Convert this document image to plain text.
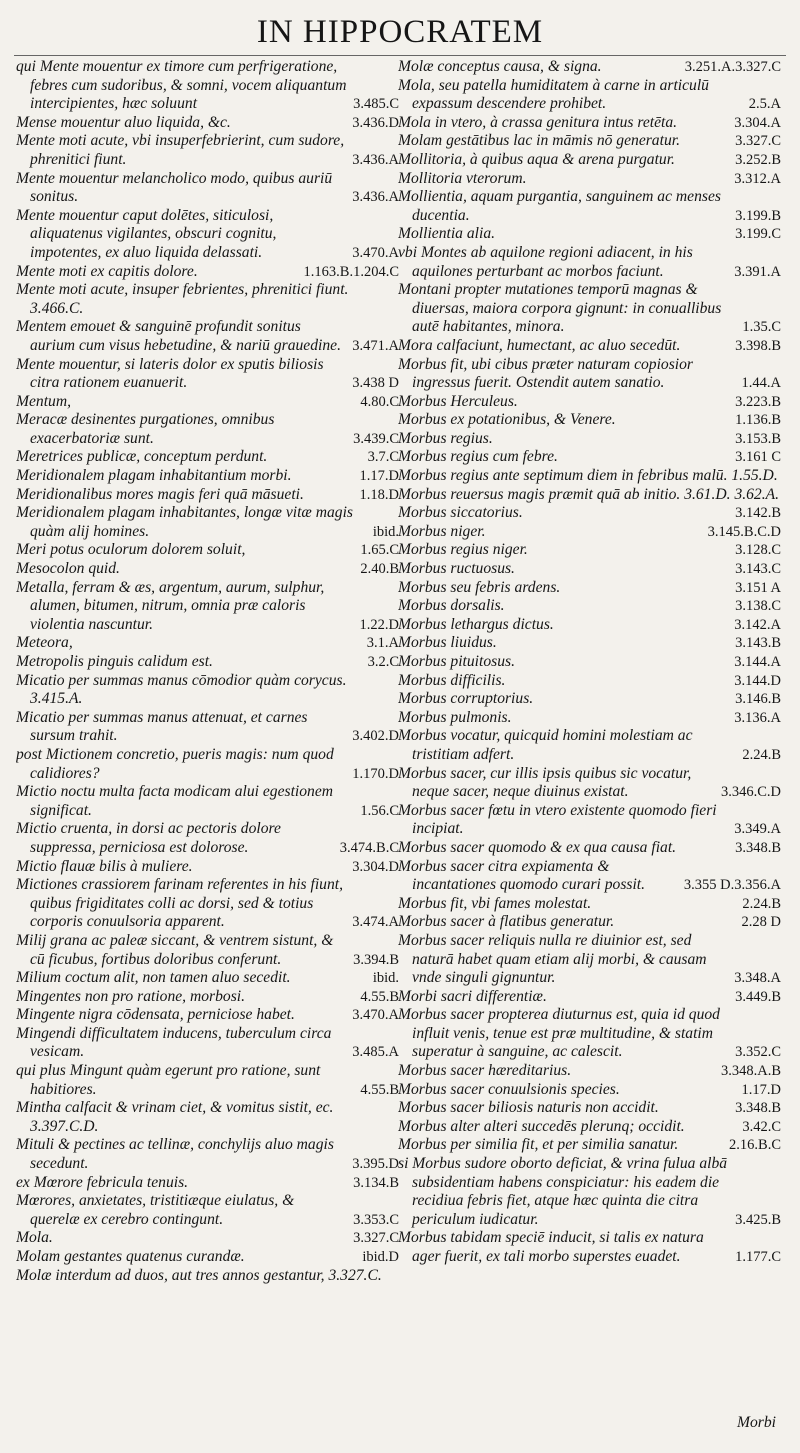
IN HIPPOCRATEM
qui Mente mouentur ex timore cum perfrigeratione, febres cum sudoribus, & somni, vocem aliquantum intercipientes, hæc soluunt	3.485.C
Mense mouentur aluo liquida, &c.	3.436.D
Mente moti acute, vbi insuperfebrierint, cum sudore, phrenitici fiunt.	3.436.A
Mente mouentur melancholico modo, quibus auriū sonitus.	3.436.A
Mente mouentur caput dolētes, siticulosi, aliquatenus vigilantes, obscuri cognitu, impotentes, ex aluo liquida delassati.	3.470.A
Mente moti ex capitis dolore.	1.163.B.1.204.C
Mente moti acute, insuper febrientes, phrenitici fiunt. 3.466.C.
Mentem emouet & sanguinē profundit sonitus aurium cum visus hebetudine, & nariū grauedine. 3.471.A
Mente mouentur, si lateris dolor ex sputis biliosis citra rationem euanuerit.	3.438 D
Mentum,	4.80.C
Meracæ desinentes purgationes, omnibus exacerbatoriæ sunt.	3.439.C
Meretrices publicæ, conceptum perdunt.	3.7.C
Meridionalem plagam inhabitantium morbi.	1.17.D
Meridionalibus mores magis feri quā māsueti.	1.18.D
Meridionalem plagam inhabitantes, longæ vitæ magis quàm alij homines.	ibid.
Meri potus oculorum dolorem soluit,	1.65.C
Mesocolon quid.	2.40.B
Metalla, ferram & æs, argentum, aurum, sulphur, alumen, bitumen, nitrum, omnia præ caloris violentia nascuntur.	1.22.D
Meteora,	3.1.A
Metropolis pinguis calidum est.	3.2.C
Micatio per summas manus cōmodior quàm corycus. 3.415.A.
Micatio per summas manus attenuat, et carnes sursum trahit.	3.402.D
post Mictionem concretio, pueris magis: num quod calidiores?	1.170.D
Mictio noctu multa facta modicam alui egestionem significat.	1.56.C
Mictio cruenta, in dorsi ac pectoris dolore suppressa, perniciosa est dolorose.	3.474.B.C
Mictio flauæ bilis à muliere.	3.304.D
Mictiones crassiorem farinam referentes in his fiunt, quibus frigiditates colli ac dorsi, sed & totius corporis conuulsoria apparent.	3.474.A
Milij grana ac paleæ siccant, & ventrem sistunt, & cū ficubus, fortibus doloribus conferunt.	3.394.B
Milium coctum alit, non tamen aluo secedit.	ibid.
Mingentes non pro ratione, morbosi.	4.55.B
Mingente nigra cōdensata, perniciose habet.	3.470.A
Mingendi difficultatem inducens, tuberculum circa vesicam.	3.485.A
qui plus Mingunt quàm egerunt pro ratione, sunt habitiores.	4.55.B
Mintha calfacit & vrinam ciet, & vomitus sistit, ec. 3.397.C.D.
Mituli & pectines ac tellinæ, conchylijs aluo magis secedunt.	3.395.D
ex Mœrore febricula tenuis.	3.134.B
Mœrores, anxietates, tristitiæque eiulatus, & querelæ ex cerebro contingunt.	3.353.C
Mola.	3.327.C
Molam gestantes quatenus curandæ.	ibid.D
Molæ interdum ad duos, aut tres annos gestantur, 3.327.C.
Molæ conceptus causa, & signa.	3.251.A.3.327.C
Mola, seu patella humiditatem à carne in articulū expassum descendere prohibet.	2.5.A
Mola in vtero, à crassa genitura intus retēta.	3.304.A
Molam gestātibus lac in māmis nō generatur.	3.327.C
Mollitoria, à quibus aqua & arena purgatur.	3.252.B
Mollitoria vterorum.	3.312.A
Mollientia, aquam purgantia, sanguinem ac menses ducentia.	3.199.B
Mollientia alia.	3.199.C
vbi Montes ab aquilone regioni adiacent, in his aquilones perturbant ac morbos faciunt.	3.391.A
Montani propter mutationes temporū magnas & diuersas, maiora corpora gignunt: in conuallibus autē habitantes, minora.	1.35.C
Mora calfaciunt, humectant, ac aluo secedūt.	3.398.B
Morbus fit, ubi cibus præter naturam copiosior ingressus fuerit. Ostendit autem sanatio.	1.44.A
Morbus Herculeus.	3.223.B
Morbus ex potationibus, & Venere.	1.136.B
Morbus regius.	3.153.B
Morbus regius cum febre.	3.161 C
Morbus regius ante septimum diem in febribus malū. 1.55.D.
Morbus reuersus magis præmit quā ab initio. 3.61.D. 3.62.A.
Morbus siccatorius.	3.142.B
Morbus niger.	3.145.B.C.D
Morbus regius niger.	3.128.C
Morbus ructuosus.	3.143.C
Morbus seu febris ardens.	3.151 A
Morbus dorsalis.	3.138.C
Morbus lethargus dictus.	3.142.A
Morbus liuidus.	3.143.B
Morbus pituitosus.	3.144.A
Morbus difficilis.	3.144.D
Morbus corruptorius.	3.146.B
Morbus pulmonis.	3.136.A
Morbus vocatur, quicquid homini molestiam ac tristitiam adfert.	2.24.B
Morbus sacer, cur illis ipsis quibus sic vocatur, neque sacer, neque diuinus existat.	3.346.C.D
Morbus sacer fœtu in vtero existente quomodo fieri incipiat.	3.349.A
Morbus sacer quomodo & ex qua causa fiat.	3.348.B
Morbus sacer citra expiamenta & incantationes quomodo curari possit.	3.355 D.3.356.A
Morbus fit, vbi fames molestat.	2.24.B
Morbus sacer à flatibus generatur.	2.28 D
Morbus sacer reliquis nulla re diuinior est, sed naturā habet quam etiam alij morbi, & causam vnde singuli gignuntur.	3.348.A
Morbi sacri differentiæ.	3.449.B
Morbus sacer propterea diuturnus est, quia id quod influit venis, tenue est præ multitudine, & statim superatur à sanguine, ac calescit.	3.352.C
Morbus sacer hæreditarius.	3.348.A.B
Morbus sacer conuulsionis species.	1.17.D
Morbus sacer biliosis naturis non accidit.	3.348.B
Morbus alter alteri succedēs plerunq; occidit.	3.42.C
Morbus per similia fit, et per similia sanatur.	2.16.B.C
si Morbus sudore oborto deficiat, & vrina fulua albā subsidentiam habens conspiciatur: his eadem die recidiua febris fiet, atque hæc quinta die citra periculum iudicatur.	3.425.B
Morbus tabidam speciē inducit, si talis ex natura ager fuerit, ex tali morbo superstes euadet.	1.177.C
Morbi
